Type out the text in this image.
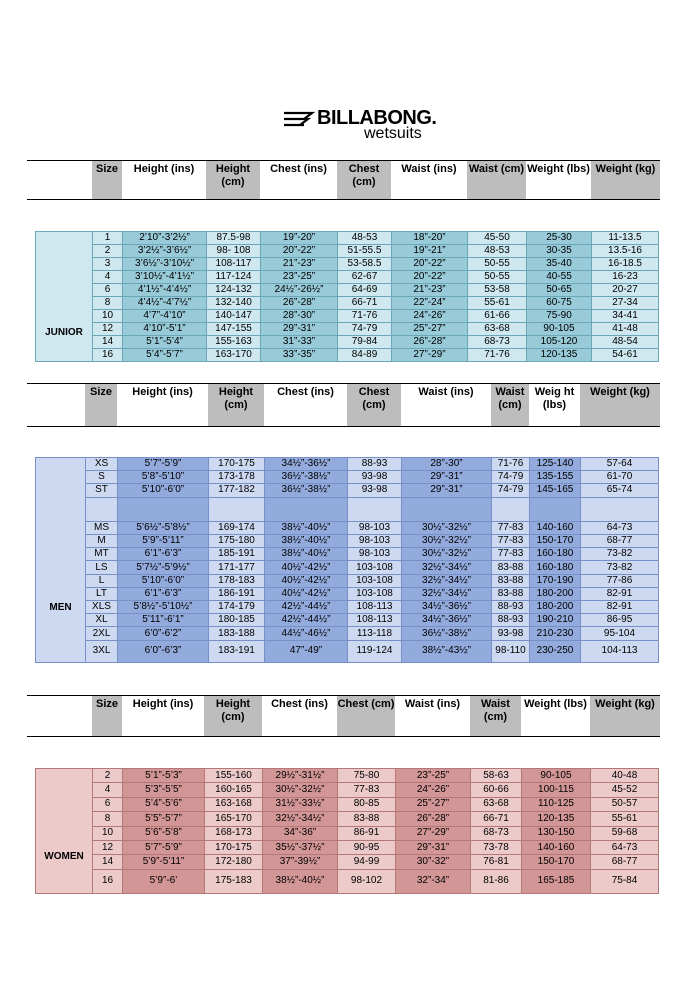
BILLABONG.
wetsuits
	Size	Height (ins)	Height (cm)	Chest (ins)	Chest (cm)	Waist (ins)	Waist (cm)	Weight (lbs)	Weight (kg)
JUNIOR	1	2’10”-3’2½”	87.5-98	19”-20”	48-53	18”-20”	45-50	25-30	11-13.5
	2	3’2½”-3’6½”	98- 108	20”-22”	51-55.5	19”-21”	48-53	30-35	13.5-16
	3	3’6½”-3’10½”	108-117	21”-23”	53-58.5	20”-22”	50-55	35-40	16-18.5
	4	3’10½”-4’1½”	117-124	23”-25”	62-67	20”-22”	50-55	40-55	16-23
	6	4’1½”-4’4½”	124-132	24½”-26½”	64-69	21”-23”	53-58	50-65	20-27
	8	4’4½”-4’7½”	132-140	26”-28”	66-71	22”-24”	55-61	60-75	27-34
	10	4’7”-4’10”	140-147	28”-30”	71-76	24”-26”	61-66	75-90	34-41
	12	4’10”-5’1”	147-155	29”-31”	74-79	25”-27”	63-68	90-105	41-48
	14	5’1”-5’4”	155-163	31”-33”	79-84	26”-28”	68-73	105-120	48-54
	16	5’4”-5’7”	163-170	33”-35”	84-89	27”-29”	71-76	120-135	54-61
	Size	Height (ins)	Height (cm)	Chest (ins)	Chest (cm)	Waist (ins)	Waist (cm)	Weig ht (lbs)	Weight (kg)
MEN	XS	5’7”-5’9”	170-175	34½”-36½”	88-93	28”-30”	71-76	125-140	57-64
	S	5’8”-5’10”	173-178	36½”-38½”	93-98	29”-31”	74-79	135-155	61-70
	ST	5’10”-6’0”	177-182	36½”-38½”	93-98	29”-31”	74-79	145-165	65-74

	MS	5’6½”-5’8½”	169-174	38½”-40½”	98-103	30½”-32½”	77-83	140-160	64-73
	M	5’9”-5’11”	175-180	38½”-40½”	98-103	30½”-32½”	77-83	150-170	68-77
	MT	6’1”-6’3”	185-191	38½”-40½”	98-103	30½”-32½”	77-83	160-180	73-82
	LS	5’7½”-5’9½”	171-177	40½”-42½”	103-108	32½”-34½”	83-88	160-180	73-82
	L	5’10”-6’0”	178-183	40½”-42½”	103-108	32½”-34½”	83-88	170-190	77-86
	LT	6’1”-6’3”	186-191	40½”-42½”	103-108	32½”-34½”	83-88	180-200	82-91
	XLS	5’8½”-5’10½”	174-179	42½”-44½”	108-113	34½”-36½”	88-93	180-200	82-91
	XL	5’11”-6’1”	180-185	42½”-44½”	108-113	34½”-36½”	88-93	190-210	86-95
	2XL	6’0”-6’2”	183-188	44½”-46½”	113-118	36½”-38½”	93-98	210-230	95-104
	3XL	6’0”-6’3”	183-191	47”-49”	119-124	38½”-43½”	98-110	230-250	104-113
	Size	Height (ins)	Height (cm)	Chest (ins)	Chest (cm)	Waist (ins)	Waist (cm)	Weight (lbs)	Weight (kg)
WOMEN	2	5’1”-5’3”	155-160	29½”-31½”	75-80	23”-25”	58-63	90-105	40-48
	4	5’3”-5’5”	160-165	30½”-32½”	77-83	24”-26”	60-66	100-115	45-52
	6	5’4”-5’6”	163-168	31½”-33½”	80-85	25”-27”	63-68	110-125	50-57
	8	5’5”-5’7”	165-170	32½”-34½”	83-88	26”-28”	66-71	120-135	55-61
	10	5’6”-5’8”	168-173	34”-36”	86-91	27”-29”	68-73	130-150	59-68
	12	5’7”-5’9”	170-175	35½”-37½”	90-95	29”-31”	73-78	140-160	64-73
	14	5’9”-5’11”	172-180	37”-39½”	94-99	30”-32”	76-81	150-170	68-77
	16	5’9”-6’	175-183	38½”-40½”	98-102	32”-34”	81-86	165-185	75-84
